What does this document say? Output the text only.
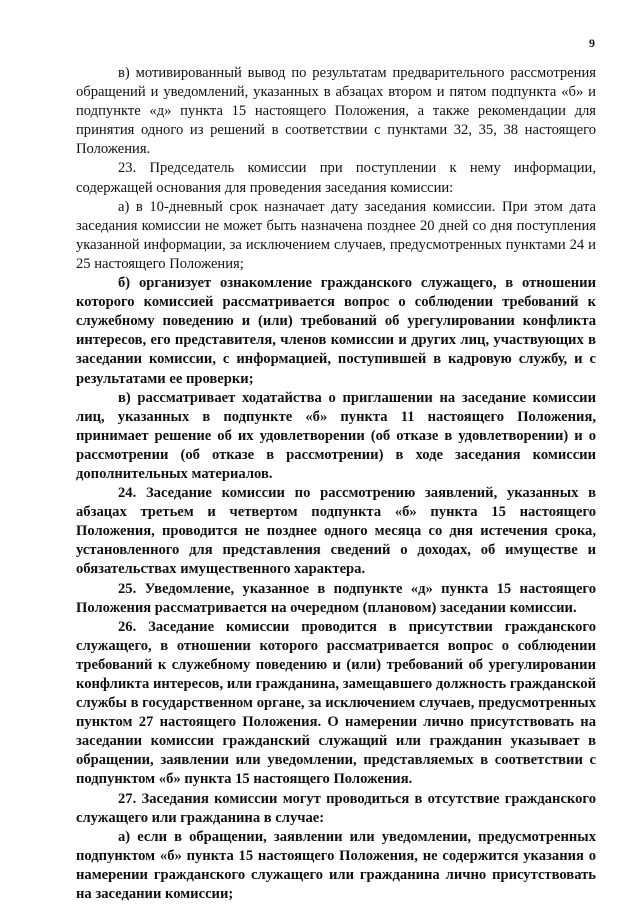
9

в) мотивированный вывод по результатам предварительного рассмотрения обращений и уведомлений, указанных в абзацах втором и пятом подпункта «б» и подпункте «д» пункта 15 настоящего Положения, а также рекомендации для принятия одного из решений в соответствии с пунктами 32, 35, 38 настоящего Положения.

23. Председатель комиссии при поступлении к нему информации, содержащей основания для проведения заседания комиссии:

а) в 10-дневный срок назначает дату заседания комиссии. При этом дата заседания комиссии не может быть назначена позднее 20 дней со дня поступления указанной информации, за исключением случаев, предусмотренных пунктами 24 и 25 настоящего Положения;

б) организует ознакомление гражданского служащего, в отношении которого комиссией рассматривается вопрос о соблюдении требований к служебному поведению и (или) требований об урегулировании конфликта интересов, его представителя, членов комиссии и других лиц, участвующих в заседании комиссии, с информацией, поступившей в кадровую службу, и с результатами ее проверки;

в) рассматривает ходатайства о приглашении на заседание комиссии лиц, указанных в подпункте «б» пункта 11 настоящего Положения, принимает решение об их удовлетворении (об отказе в удовлетворении) и о рассмотрении (об отказе в рассмотрении) в ходе заседания комиссии дополнительных материалов.

24. Заседание комиссии по рассмотрению заявлений, указанных в абзацах третьем и четвертом подпункта «б» пункта 15 настоящего Положения, проводится не позднее одного месяца со дня истечения срока, установленного для представления сведений о доходах, об имуществе и обязательствах имущественного характера.

25. Уведомление, указанное в подпункте «д» пункта 15 настоящего Положения рассматривается на очередном (плановом) заседании комиссии.

26. Заседание комиссии проводится в присутствии гражданского служащего, в отношении которого рассматривается вопрос о соблюдении требований к служебному поведению и (или) требований об урегулировании конфликта интересов, или гражданина, замещавшего должность гражданской службы в государственном органе, за исключением случаев, предусмотренных пунктом 27 настоящего Положения. О намерении лично присутствовать на заседании комиссии гражданский служащий или гражданин указывает в обращении, заявлении или уведомлении, представляемых в соответствии с подпунктом «б» пункта 15 настоящего Положения.

27. Заседания комиссии могут проводиться в отсутствие гражданского служащего или гражданина в случае:

а) если в обращении, заявлении или уведомлении, предусмотренных подпунктом «б» пункта 15 настоящего Положения, не содержится указания о намерении гражданского служащего или гражданина лично присутствовать на заседании комиссии;
